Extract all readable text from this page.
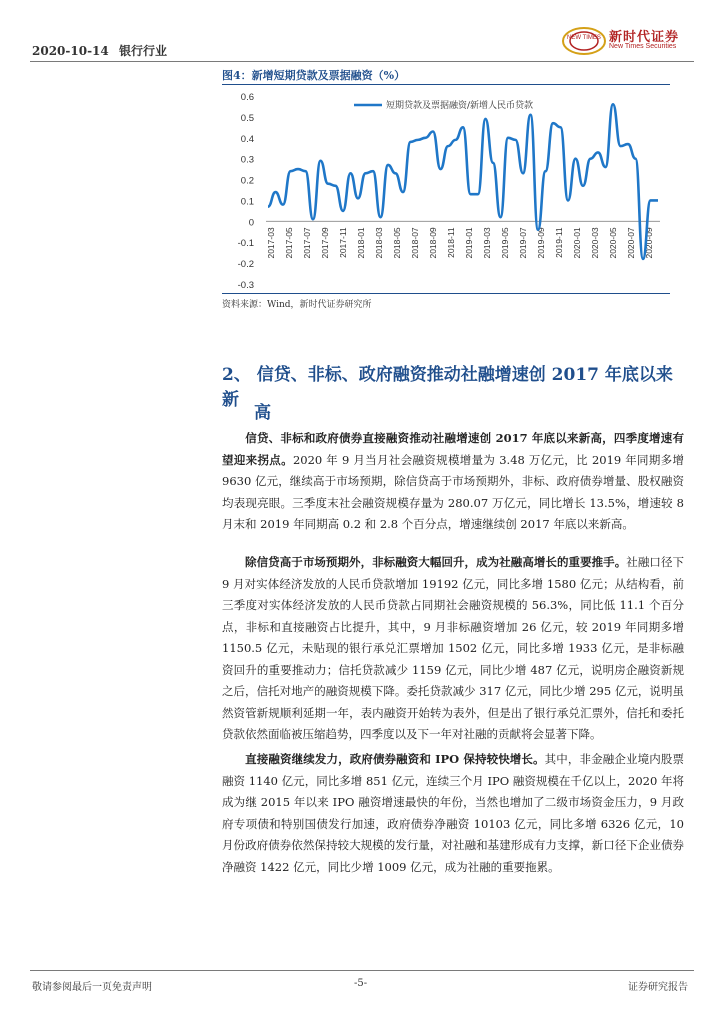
2020-10-14 银行行业
NEW TIMES 新时代证券
New Times Securities
图4：新增短期贷款及票据融资（%）
0.6
0.5
0.4
0.3
0.2
0.1
0
-0.1
-0.2
-0.3
2017-03 2017-05 2017-07 2017-09 2017-11 2018-01 2018-03 2018-05 2018-07 2018-09 2018-11 2019-01 2019-03 2019-05 2019-07 2019-09 2019-11 2020-01 2020-03 2020-05 2020-07 2020-09
短期贷款及票据融资/新增人民币贷款
资料来源：Wind，新时代证券研究所
2、 信贷、非标、政府融资推动社融增速创 2017 年底以来新
高
信贷、非标和政府债券直接融资推动社融增速创 2017 年底以来新高，四季度增速有望迎来拐点。2020 年 9 月当月社会融资规模增量为 3.48 万亿元，比 2019 年同期多增 9630 亿元，继续高于市场预期，除信贷高于市场预期外，非标、政府债券增量、股权融资均表现亮眼。三季度末社会融资规模存量为 280.07 万亿元，同比增长 13.5%，增速较 8 月末和 2019 年同期高 0.2 和 2.8 个百分点，增速继续创 2017 年底以来新高。
除信贷高于市场预期外，非标融资大幅回升，成为社融高增长的重要推手。社融口径下 9 月对实体经济发放的人民币贷款增加 19192 亿元，同比多增 1580 亿元；从结构看，前三季度对实体经济发放的人民币贷款占同期社会融资规模的 56.3%，同比低 11.1 个百分点，非标和直接融资占比提升，其中，9 月非标融资增加 26 亿元，较 2019 年同期多增 1150.5 亿元，未贴现的银行承兑汇票增加 1502 亿元，同比多增 1933 亿元，是非标融资回升的重要推动力；信托贷款减少 1159 亿元，同比少增 487 亿元，说明房企融资新规之后，信托对地产的融资规模下降。委托贷款减少 317 亿元，同比少增 295 亿元，说明虽然资管新规顺利延期一年，表内融资开始转为表外，但是出了银行承兑汇票外，信托和委托贷款依然面临被压缩趋势，四季度以及下一年对社融的贡献将会显著下降。
直接融资继续发力，政府债券融资和 IPO 保持较快增长。其中，非金融企业境内股票融资 1140 亿元，同比多增 851 亿元，连续三个月 IPO 融资规模在千亿以上，2020 年将成为继 2015 年以来 IPO 融资增速最快的年份，当然也增加了二级市场资金压力，9 月政府专项债和特别国债发行加速，政府债券净融资 10103 亿元，同比多增 6326 亿元，10 月份政府债券依然保持较大规模的发行量，对社融和基建形成有力支撑，新口径下企业债券净融资 1422 亿元，同比少增 1009 亿元，成为社融的重要拖累。
敬请参阅最后一页免责声明	-5-	证券研究报告
